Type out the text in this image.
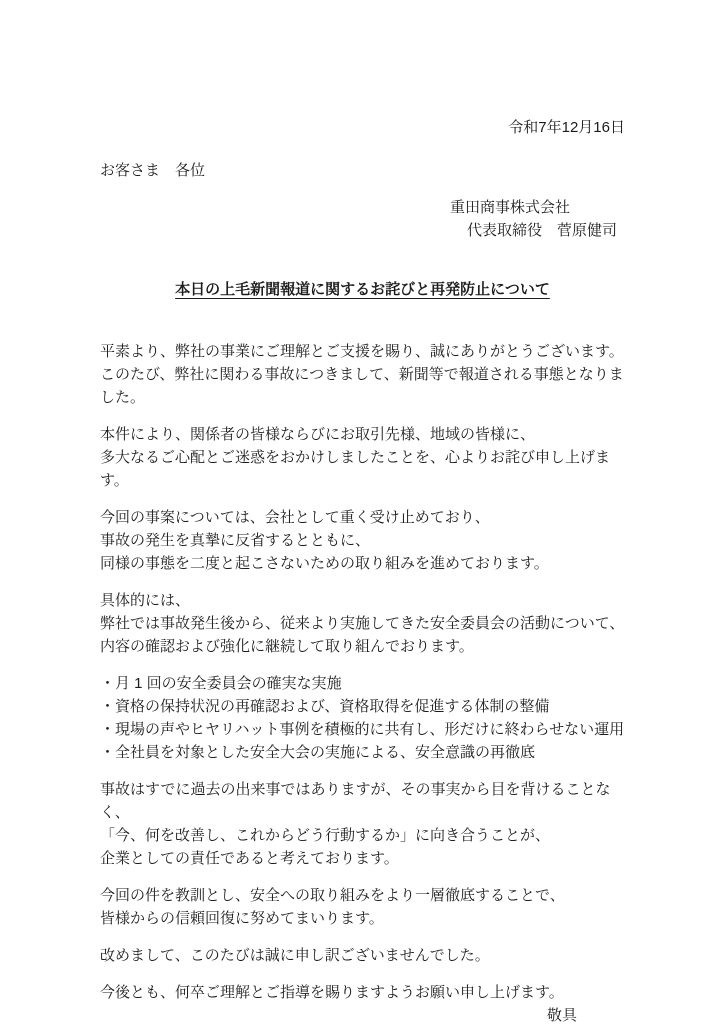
令和7年12月16日
お客さま　各位
重田商事株式会社
代表取締役　菅原健司
本日の上毛新聞報道に関するお詫びと再発防止について
平素より、弊社の事業にご理解とご支援を賜り、誠にありがとうございます。
このたび、弊社に関わる事故につきまして、新聞等で報道される事態となりました。
本件により、関係者の皆様ならびにお取引先様、地域の皆様に、
多大なるご心配とご迷惑をおかけしましたことを、心よりお詫び申し上げます。
今回の事案については、会社として重く受け止めており、
事故の発生を真摯に反省するとともに、
同様の事態を二度と起こさないための取り組みを進めております。
具体的には、
弊社では事故発生後から、従来より実施してきた安全委員会の活動について、
内容の確認および強化に継続して取り組んでおります。
・月 1 回の安全委員会の確実な実施
・資格の保持状況の再確認および、資格取得を促進する体制の整備
・現場の声やヒヤリハット事例を積極的に共有し、形だけに終わらせない運用
・全社員を対象とした安全大会の実施による、安全意識の再徹底
事故はすでに過去の出来事ではありますが、その事実から目を背けることなく、
「今、何を改善し、これからどう行動するか」に向き合うことが、
企業としての責任であると考えております。
今回の件を教訓とし、安全への取り組みをより一層徹底することで、
皆様からの信頼回復に努めてまいります。
改めまして、このたびは誠に申し訳ございませんでした。
今後とも、何卒ご理解とご指導を賜りますようお願い申し上げます。
敬具
